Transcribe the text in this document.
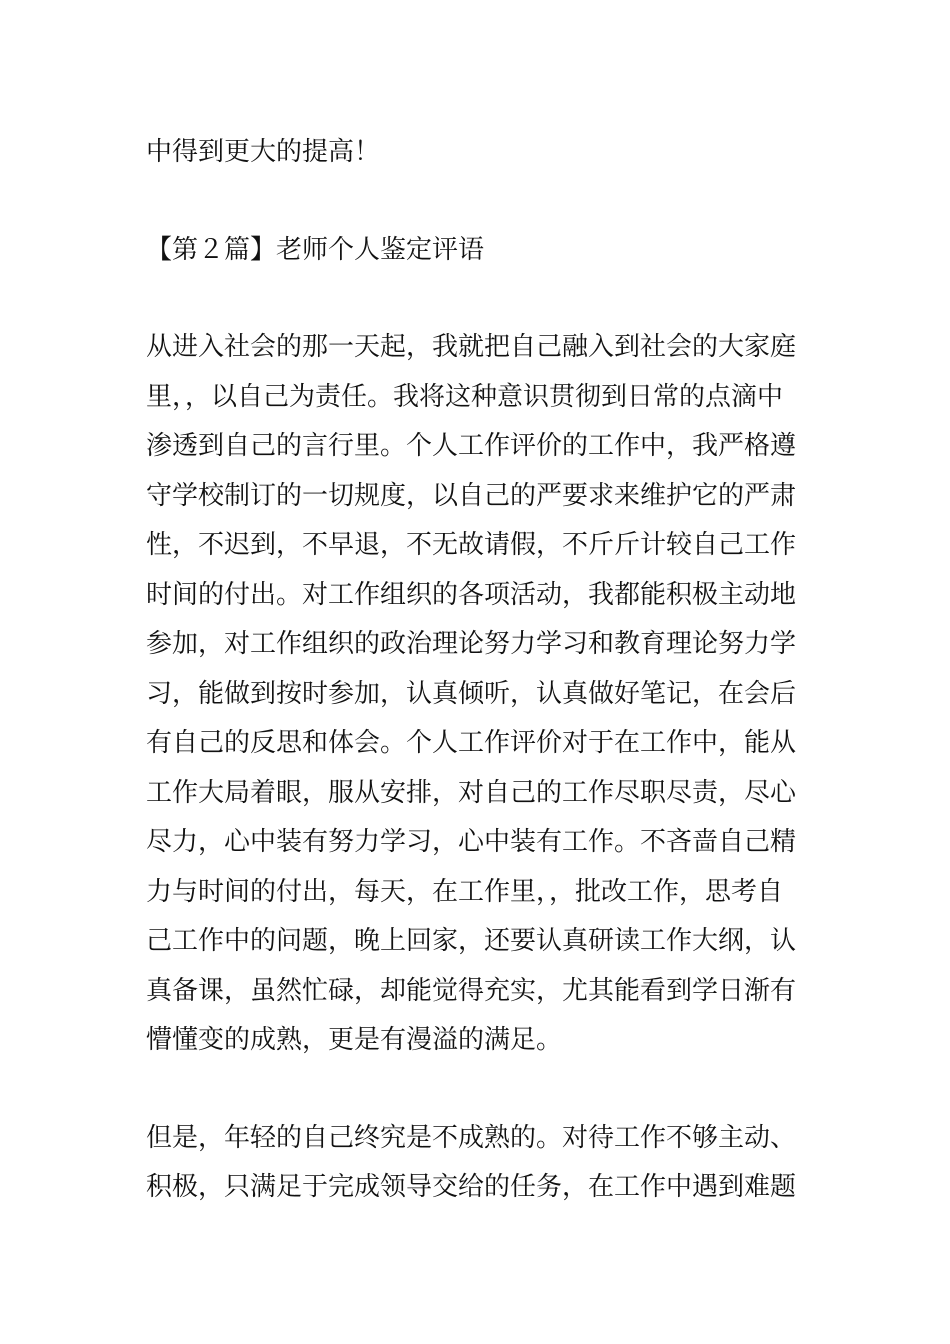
中得到更大的提高！
【第２篇】老师个人鉴定评语
从进入社会的那一天起，我就把自己融入到社会的大家庭
里，，以自己为责任。我将这种意识贯彻到日常的点滴中
渗透到自己的言行里。个人工作评价的工作中，我严格遵
守学校制订的一切规度，以自己的严要求来维护它的严肃
性，不迟到，不早退，不无故请假，不斤斤计较自己工作
时间的付出。对工作组织的各项活动，我都能积极主动地
参加，对工作组织的政治理论努力学习和教育理论努力学
习，能做到按时参加，认真倾听，认真做好笔记，在会后
有自己的反思和体会。个人工作评价对于在工作中，能从
工作大局着眼，服从安排，对自己的工作尽职尽责，尽心
尽力，心中装有努力学习，心中装有工作。不吝啬自己精
力与时间的付出，每天，在工作里，，批改工作，思考自
己工作中的问题，晚上回家，还要认真研读工作大纲，认
真备课，虽然忙碌，却能觉得充实，尤其能看到学日渐有
懵懂变的成熟，更是有漫溢的满足。
但是，年轻的自己终究是不成熟的。对待工作不够主动、
积极，只满足于完成领导交给的任务，在工作中遇到难题
